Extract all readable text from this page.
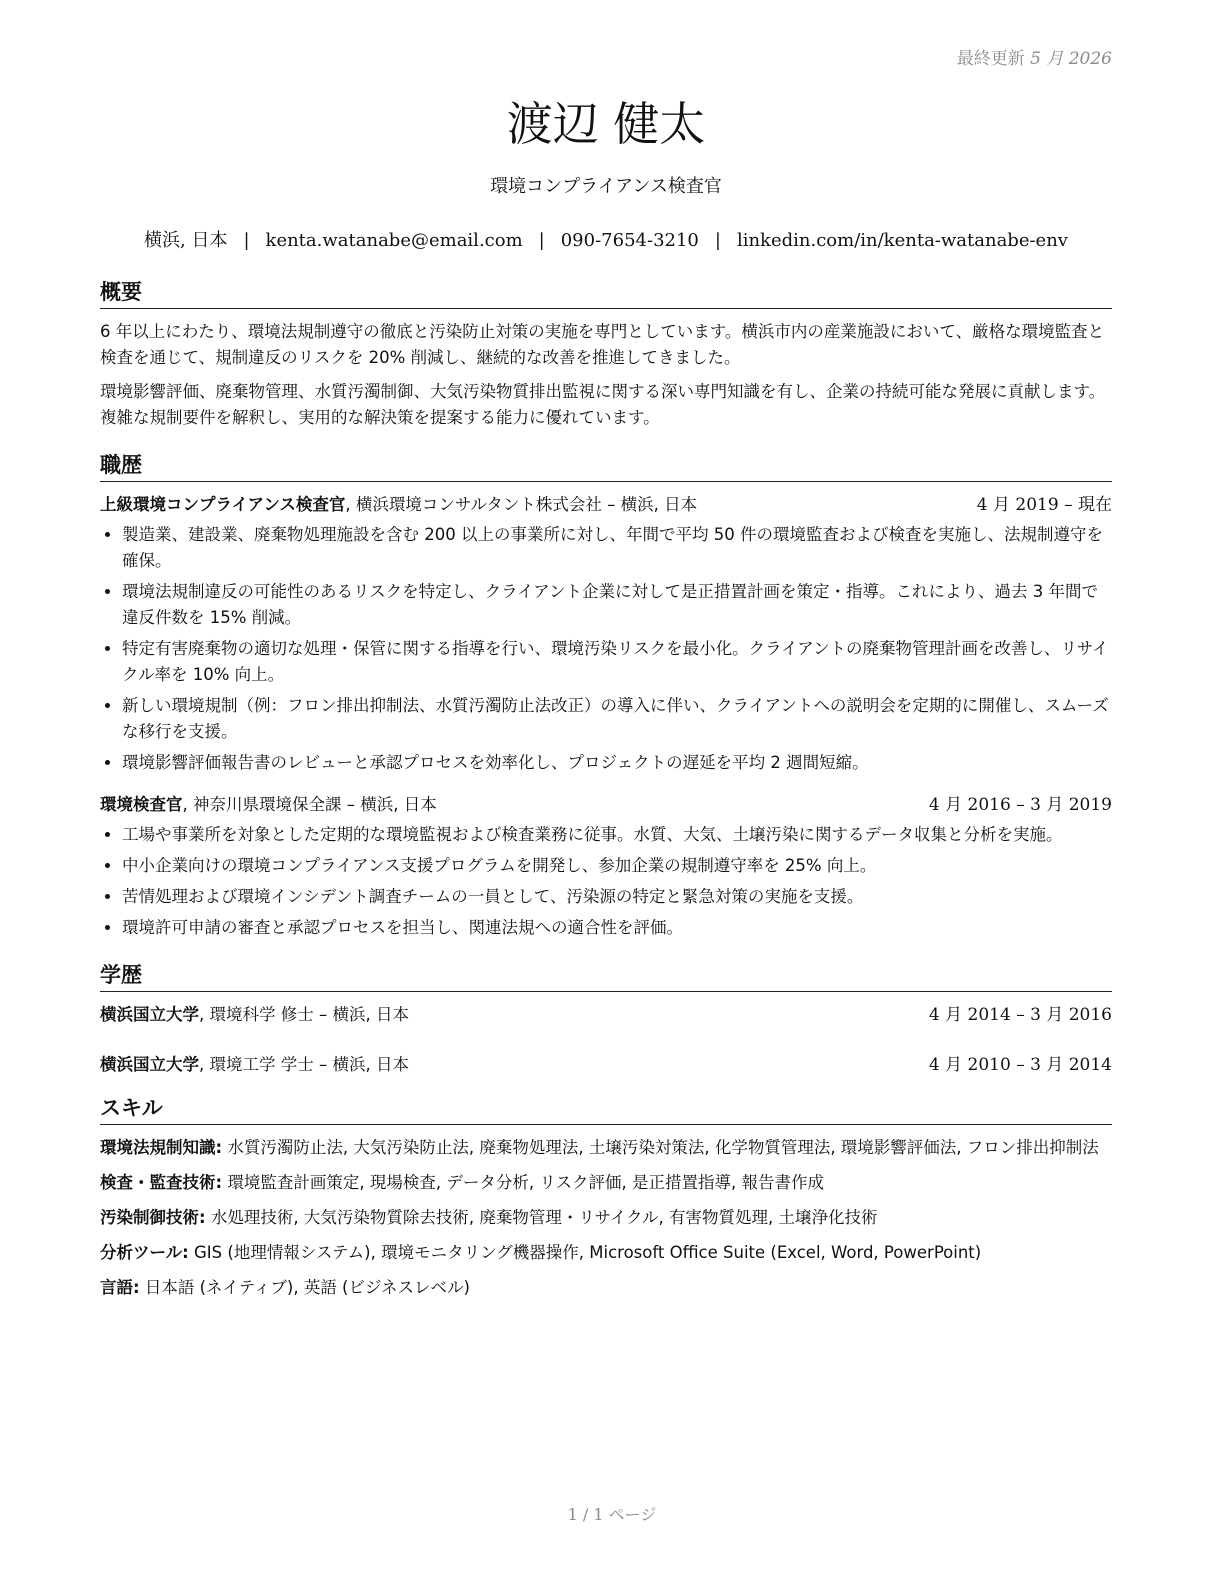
最終更新 5 月 2026
渡辺 健太
環境コンプライアンス検査官
横浜, 日本 | kenta.watanabe@email.com | 090-7654-3210 | linkedin.com/in/kenta-watanabe-env
概要

6 年以上にわたり、環境法規制遵守の徹底と汚染防止対策の実施を専門としています。横浜市内の産業施設において、厳格な環境監査と検査を通じて、規制違反のリスクを 20% 削減し、継続的な改善を推進してきました。

環境影響評価、廃棄物管理、水質汚濁制御、大気汚染物質排出監視に関する深い専門知識を有し、企業の持続可能な発展に貢献します。複雑な規制要件を解釈し、実用的な解決策を提案する能力に優れています。

職歴
上級環境コンプライアンス検査官, 横浜環境コンサルタント株式会社 – 横浜, 日本	4 月 2019 – 現在
• 製造業、建設業、廃棄物処理施設を含む 200 以上の事業所に対し、年間で平均 50 件の環境監査および検査を実施し、法規制遵守を確保。
• 環境法規制違反の可能性のあるリスクを特定し、クライアント企業に対して是正措置計画を策定・指導。これにより、過去 3 年間で違反件数を 15% 削減。
• 特定有害廃棄物の適切な処理・保管に関する指導を行い、環境汚染リスクを最小化。クライアントの廃棄物管理計画を改善し、リサイクル率を 10% 向上。
• 新しい環境規制（例：フロン排出抑制法、水質汚濁防止法改正）の導入に伴い、クライアントへの説明会を定期的に開催し、スムーズな移行を支援。
• 環境影響評価報告書のレビューと承認プロセスを効率化し、プロジェクトの遅延を平均 2 週間短縮。
環境検査官, 神奈川県環境保全課 – 横浜, 日本	4 月 2016 – 3 月 2019
• 工場や事業所を対象とした定期的な環境監視および検査業務に従事。水質、大気、土壌汚染に関するデータ収集と分析を実施。
• 中小企業向けの環境コンプライアンス支援プログラムを開発し、参加企業の規制遵守率を 25% 向上。
• 苦情処理および環境インシデント調査チームの一員として、汚染源の特定と緊急対策の実施を支援。
• 環境許可申請の審査と承認プロセスを担当し、関連法規への適合性を評価。
学歴
横浜国立大学, 環境科学 修士 – 横浜, 日本	4 月 2014 – 3 月 2016
横浜国立大学, 環境工学 学士 – 横浜, 日本	4 月 2010 – 3 月 2014
スキル
環境法規制知識: 水質汚濁防止法, 大気汚染防止法, 廃棄物処理法, 土壌汚染対策法, 化学物質管理法, 環境影響評価法, フロン排出抑制法
検査・監査技術: 環境監査計画策定, 現場検査, データ分析, リスク評価, 是正措置指導, 報告書作成
汚染制御技術: 水処理技術, 大気汚染物質除去技術, 廃棄物管理・リサイクル, 有害物質処理, 土壌浄化技術
分析ツール: GIS (地理情報システム), 環境モニタリング機器操作, Microsoft Office Suite (Excel, Word, PowerPoint)
言語: 日本語 (ネイティブ), 英語 (ビジネスレベル)
1 / 1 ページ
